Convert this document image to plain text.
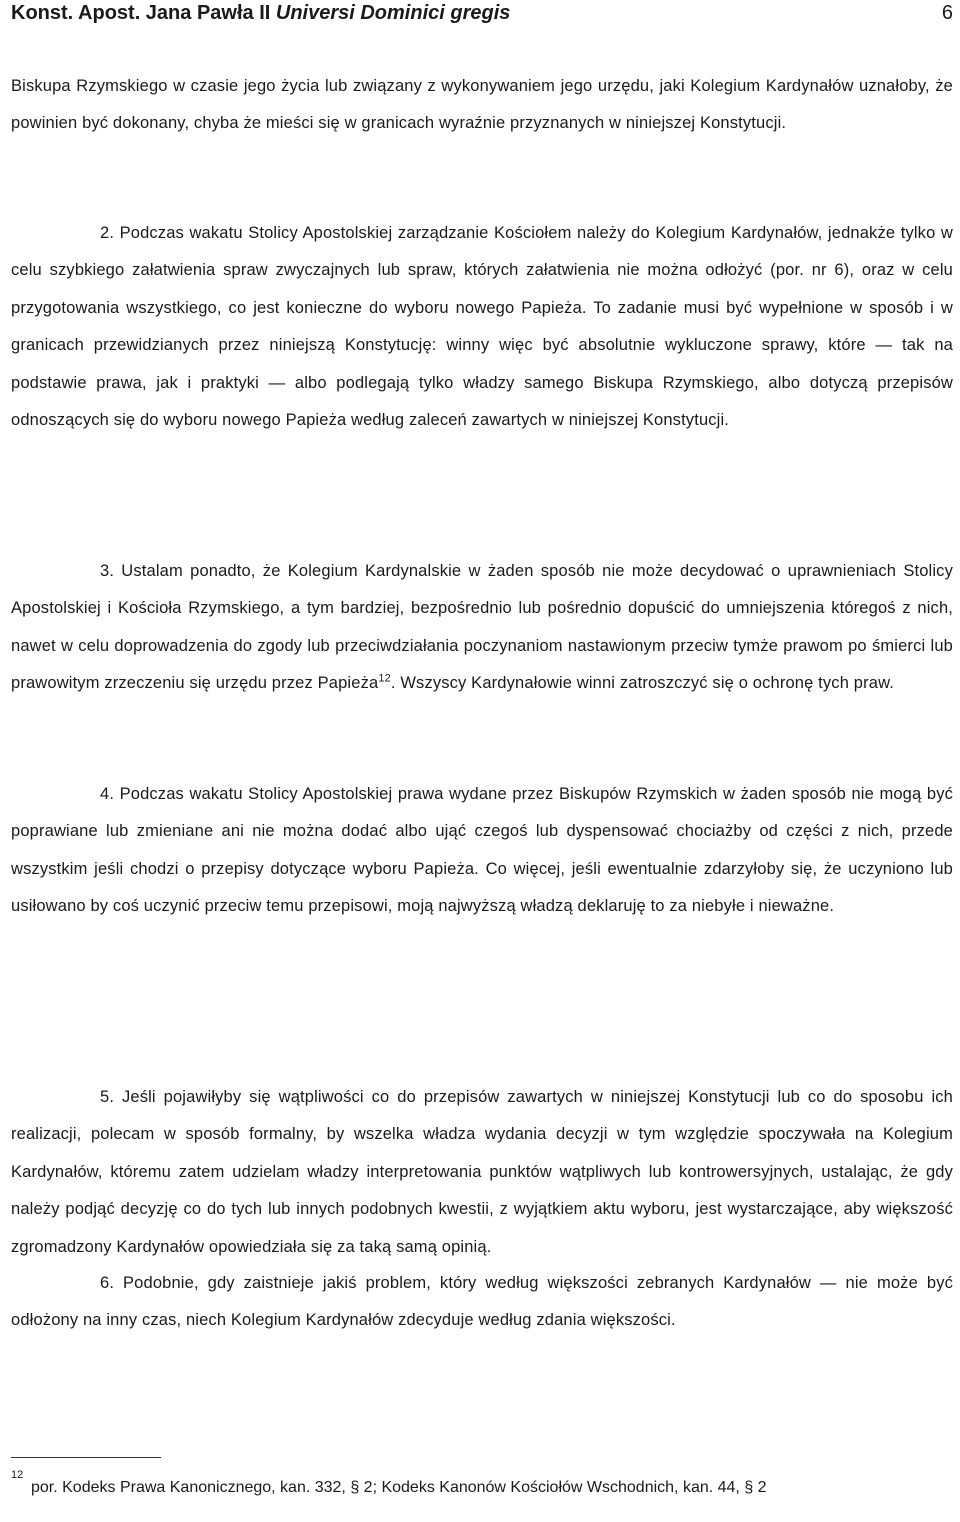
Konst. Apost. Jana Pawła II Universi Dominici gregis	6

Biskupa Rzymskiego w czasie jego życia lub związany z wykonywaniem jego urzędu, jaki Kolegium Kardynałów uznałoby, że powinien być dokonany, chyba że mieści się w granicach wyraźnie przyznanych w niniejszej Konstytucji.

2. Podczas wakatu Stolicy Apostolskiej zarządzanie Kościołem należy do Kolegium Kardynałów, jednakże tylko w celu szybkiego załatwienia spraw zwyczajnych lub spraw, których załatwienia nie można odłożyć (por. nr 6), oraz w celu przygotowania wszystkiego, co jest konieczne do wyboru nowego Papieża. To zadanie musi być wypełnione w sposób i w granicach przewidzianych przez niniejszą Konstytucję: winny więc być absolutnie wykluczone sprawy, które — tak na podstawie prawa, jak i praktyki — albo podlegają tylko władzy samego Biskupa Rzymskiego, albo dotyczą przepisów odnoszących się do wyboru nowego Papieża według zaleceń zawartych w niniejszej Konstytucji.

3. Ustalam ponadto, że Kolegium Kardynalskie w żaden sposób nie może decydować o uprawnieniach Stolicy Apostolskiej i Kościoła Rzymskiego, a tym bardziej, bezpośrednio lub pośrednio dopuścić do umniejszenia któregoś z nich, nawet w celu doprowadzenia do zgody lub przeciwdziałania poczynaniom nastawionym przeciw tymże prawom po śmierci lub prawowitym zrzeczeniu się urzędu przez Papieża$^{12}$. Wszyscy Kardynałowie winni zatroszczyć się o ochronę tych praw.

4. Podczas wakatu Stolicy Apostolskiej prawa wydane przez Biskupów Rzymskich w żaden sposób nie mogą być poprawiane lub zmieniane ani nie można dodać albo ująć czegoś lub dyspensować chociażby od części z nich, przede wszystkim jeśli chodzi o przepisy dotyczące wyboru Papieża. Co więcej, jeśli ewentualnie zdarzyłoby się, że uczyniono lub usiłowano by coś uczynić przeciw temu przepisowi, moją najwyższą władzą deklaruję to za niebyłe i nieważne.

5. Jeśli pojawiłyby się wątpliwości co do przepisów zawartych w niniejszej Konstytucji lub co do sposobu ich realizacji, polecam w sposób formalny, by wszelka władza wydania decyzji w tym względzie spoczywała na Kolegium Kardynałów, któremu zatem udzielam władzy interpretowania punktów wątpliwych lub kontrowersyjnych, ustalając, że gdy należy podjąć decyzję co do tych lub innych podobnych kwestii, z wyjątkiem aktu wyboru, jest wystarczające, aby większość zgromadzony Kardynałów opowiedziała się za taką samą opinią.

6. Podobnie, gdy zaistnieje jakiś problem, który według większości zebranych Kardynałów — nie może być odłożony na inny czas, niech Kolegium Kardynałów zdecyduje według zdania większości.

12
por. Kodeks Prawa Kanonicznego, kan. 332, § 2; Kodeks Kanonów Kościołów Wschodnich, kan. 44, § 2
